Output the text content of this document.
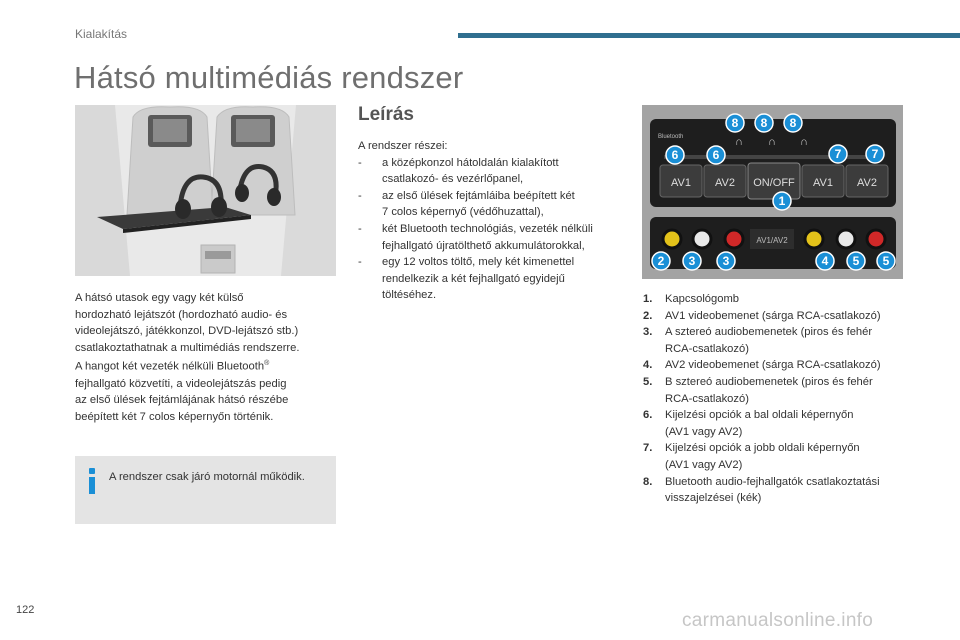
Kialakítás
Hátsó multimédiás rendszer
A hátsó utasok egy vagy két külső
hordozható lejátszót (hordozható audio- és
videolejátszó, játékkonzol, DVD-lejátszó stb.)
csatlakoztathatnak a multimédiás rendszerre.
A hangot két vezeték nélküli Bluetooth®
fejhallgató közvetíti, a videolejátszás pedig
az első ülések fejtámlájának hátsó részébe
beépített két 7 colos képernyőn történik.
A rendszer csak járó motornál működik.
Leírás
A rendszer részei:
- a középkonzol hátoldalán kialakított
csatlakozó- és vezérlőpanel,
- az első ülések fejtámláiba beépített két
7 colos képernyő (védőhuzattal),
- két Bluetooth technológiás, vezeték nélküli
fejhallgató újratölthető akkumulátorokkal,
- egy 12 voltos töltő, mely két kimenettel
rendelkezik a két fejhallgató egyidejű
töltéséhez.
Bluetooth	∩ ∩ ∩
AV1 AV2 ON/OFF AV1 AV2
AV1/AV2
8 8 8
6	6	7	7
1
2 3 3	4 5 5
1.	Kapcsológomb
2.	AV1 videobemenet (sárga RCA-csatlakozó)
3.	A sztereó audiobemenetek (piros és fehér
RCA-csatlakozó)
4.	AV2 videobemenet (sárga RCA-csatlakozó)
5.	B sztereó audiobemenetek (piros és fehér
RCA-csatlakozó)
6.	Kijelzési opciók a bal oldali képernyőn
(AV1 vagy AV2)
7.	Kijelzési opciók a jobb oldali képernyőn
(AV1 vagy AV2)
8.	Bluetooth audio-fejhallgatók csatlakoztatási
visszajelzései (kék)
122	carmanualsonline.info
